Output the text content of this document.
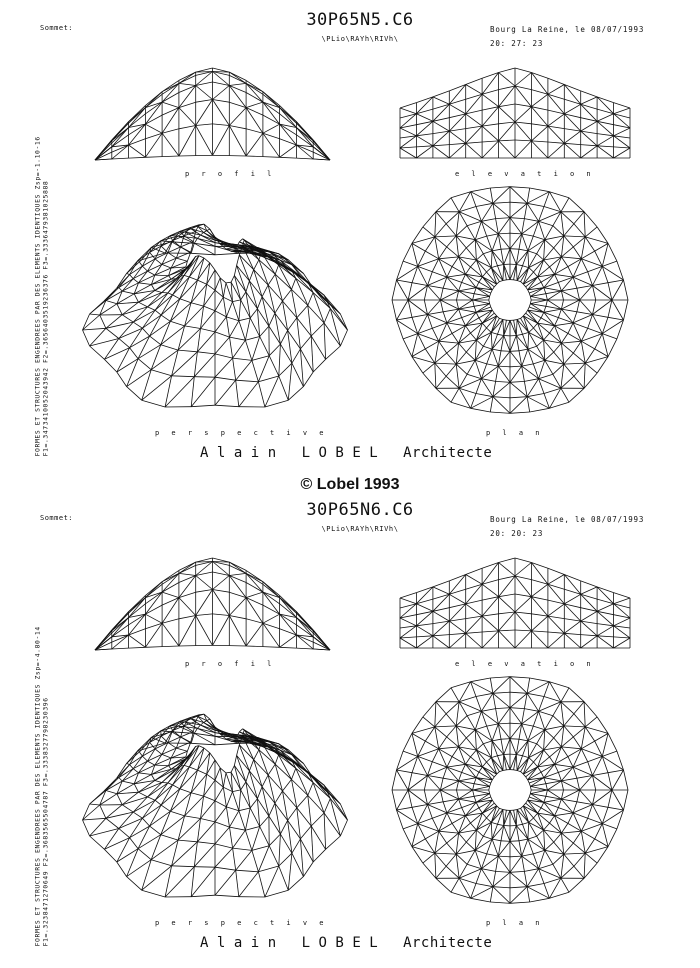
Sommet:	30P65N5.C6
\PLio\RAYh\RIVh\
Bourg La Reine, le 08/07/1993
20: 27: 23
FORMES ET STRUCTURES ENGENDREES PAR DES ELEMENTS IDENTIQUES Zsp=-1.10-16 F1=.3473410052043942 F2=.3656403519236376 F3=.3336479381025888
p r o f i l	e l e v a t i o n
p e r s p e c t i v e	p l a n
Alain LOBEL Architecte
© Lobel 1993
Sommet:	30P65N6.C6
\PLio\RAYh\RIVh\
Bourg La Reine, le 08/07/1993
20: 20: 23
FORMES ET STRUCTURES ENGENDREES PAR DES ELEMENTS IDENTIQUES Zsp=-4.80-14 F1=.3238471270649 F2=.3683565504787 F3=.3338327798230396
p r o f i l	e l e v a t i o n
p e r s p e c t i v e	p l a n
Alain LOBEL Architecte
